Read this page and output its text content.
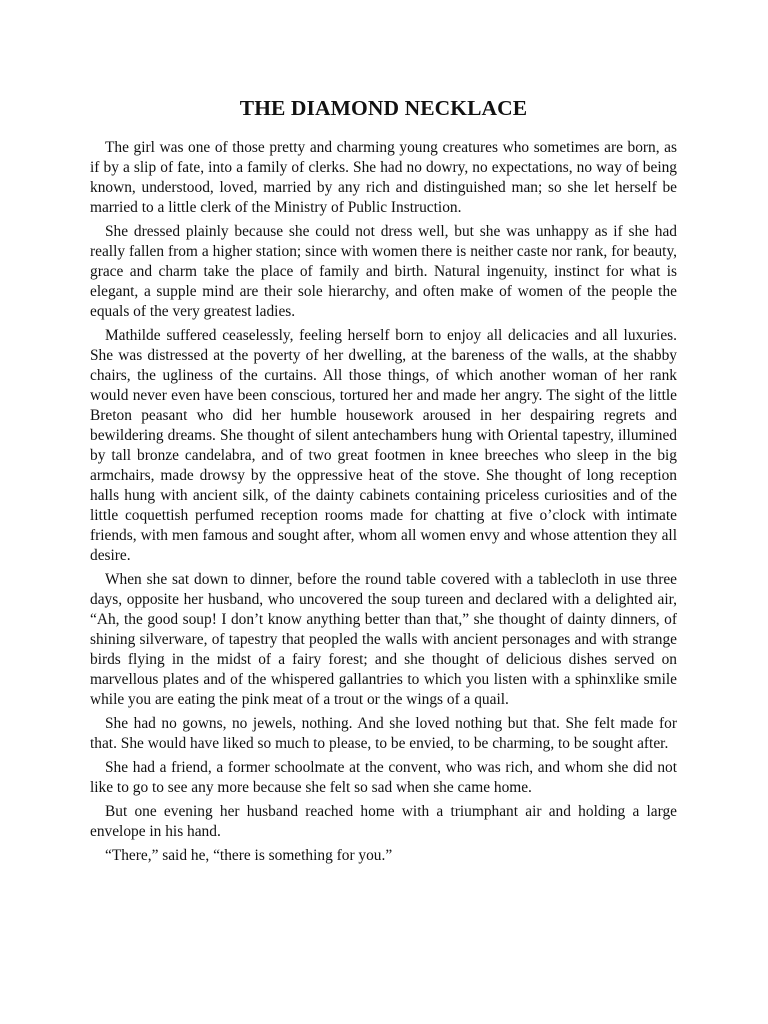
THE DIAMOND NECKLACE

The girl was one of those pretty and charming young creatures who sometimes are born, as if by a slip of fate, into a family of clerks. She had no dowry, no expectations, no way of being known, understood, loved, married by any rich and distinguished man; so she let herself be married to a little clerk of the Ministry of Public Instruction.

She dressed plainly because she could not dress well, but she was unhappy as if she had really fallen from a higher station; since with women there is neither caste nor rank, for beauty, grace and charm take the place of family and birth. Natural ingenuity, instinct for what is elegant, a supple mind are their sole hierarchy, and often make of women of the people the equals of the very greatest ladies.

Mathilde suffered ceaselessly, feeling herself born to enjoy all delicacies and all luxuries. She was distressed at the poverty of her dwelling, at the bareness of the walls, at the shabby chairs, the ugliness of the curtains. All those things, of which another woman of her rank would never even have been conscious, tortured her and made her angry. The sight of the little Breton peasant who did her humble housework aroused in her despairing regrets and bewildering dreams. She thought of silent antechambers hung with Oriental tapestry, illumined by tall bronze candelabra, and of two great footmen in knee breeches who sleep in the big armchairs, made drowsy by the oppressive heat of the stove. She thought of long reception halls hung with ancient silk, of the dainty cabinets containing priceless curiosities and of the little coquettish perfumed reception rooms made for chatting at five o’clock with intimate friends, with men famous and sought after, whom all women envy and whose attention they all desire.

When she sat down to dinner, before the round table covered with a tablecloth in use three days, opposite her husband, who uncovered the soup tureen and declared with a delighted air, “Ah, the good soup! I don’t know anything better than that,” she thought of dainty dinners, of shining silverware, of tapestry that peopled the walls with ancient personages and with strange birds flying in the midst of a fairy forest; and she thought of delicious dishes served on marvellous plates and of the whispered gallantries to which you listen with a sphinxlike smile while you are eating the pink meat of a trout or the wings of a quail.

She had no gowns, no jewels, nothing. And she loved nothing but that. She felt made for that. She would have liked so much to please, to be envied, to be charming, to be sought after.

She had a friend, a former schoolmate at the convent, who was rich, and whom she did not like to go to see any more because she felt so sad when she came home.

But one evening her husband reached home with a triumphant air and holding a large envelope in his hand.

“There,” said he, “there is something for you.”
